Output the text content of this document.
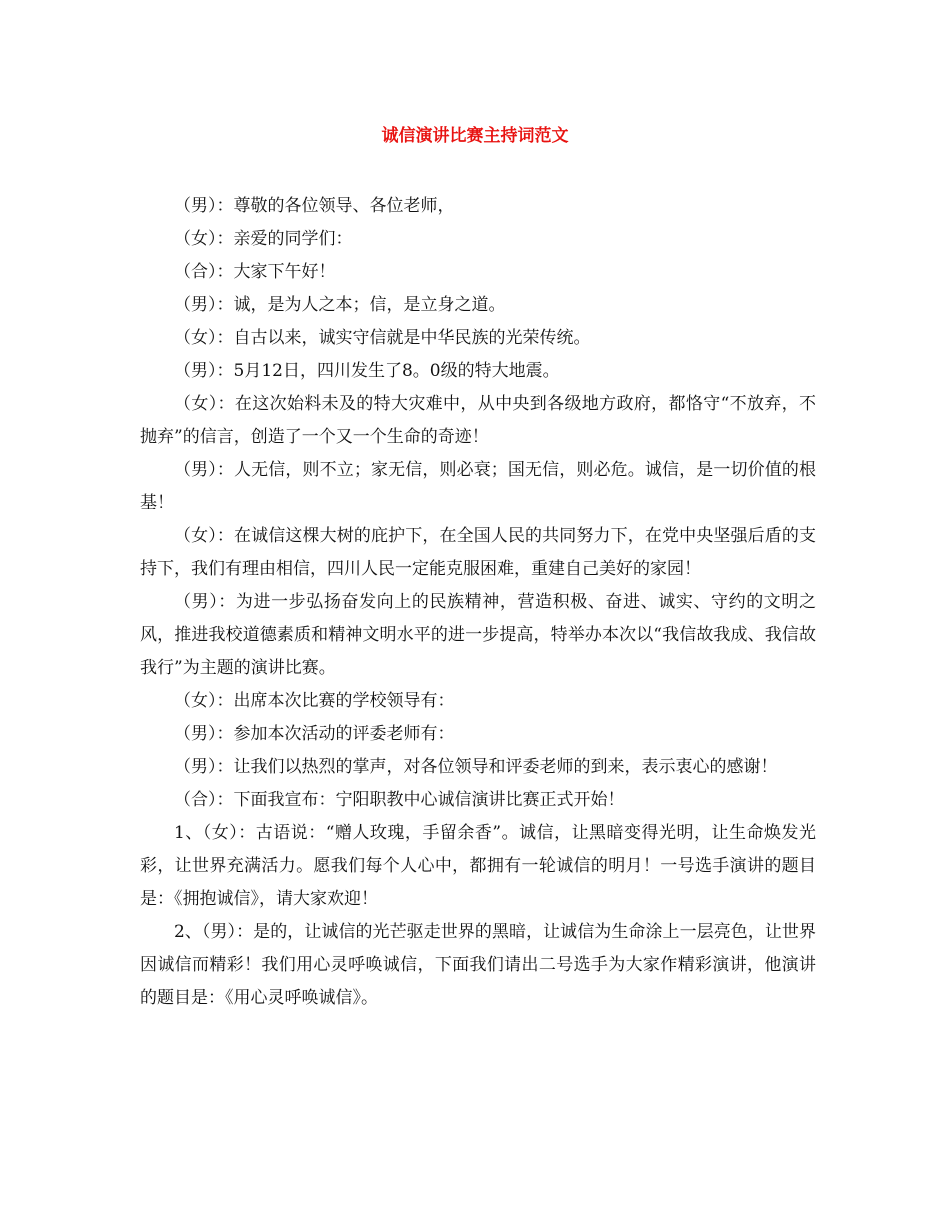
诚信演讲比赛主持词范文

（男）：尊敬的各位领导、各位老师，

（女）：亲爱的同学们：

（合）：大家下午好！

（男）：诚，是为人之本；信，是立身之道。

（女）：自古以来，诚实守信就是中华民族的光荣传统。

（男）：5月12日，四川发生了8。0级的特大地震。

（女）：在这次始料未及的特大灾难中，从中央到各级地方政府，都恪守“不放弃，不抛弃”的信言，创造了一个又一个生命的奇迹！

（男）：人无信，则不立；家无信，则必衰；国无信，则必危。诚信，是一切价值的根基！

（女）：在诚信这棵大树的庇护下，在全国人民的共同努力下，在党中央坚强后盾的支持下，我们有理由相信，四川人民一定能克服困难，重建自己美好的家园！

（男）：为进一步弘扬奋发向上的民族精神，营造积极、奋进、诚实、守约的文明之风，推进我校道德素质和精神文明水平的进一步提高，特举办本次以“我信故我成、我信故我行”为主题的演讲比赛。

（女）：出席本次比赛的学校领导有：

（男）：参加本次活动的评委老师有：

（男）：让我们以热烈的掌声，对各位领导和评委老师的到来，表示衷心的感谢！

（合）：下面我宣布：宁阳职教中心诚信演讲比赛正式开始！

1、（女）：古语说：“赠人玫瑰，手留余香”。诚信，让黑暗变得光明，让生命焕发光彩，让世界充满活力。愿我们每个人心中，都拥有一轮诚信的明月！一号选手演讲的题目是：《拥抱诚信》，请大家欢迎！

2、（男）：是的，让诚信的光芒驱走世界的黑暗，让诚信为生命涂上一层亮色，让世界因诚信而精彩！我们用心灵呼唤诚信，下面我们请出二号选手为大家作精彩演讲，他演讲的题目是：《用心灵呼唤诚信》。
